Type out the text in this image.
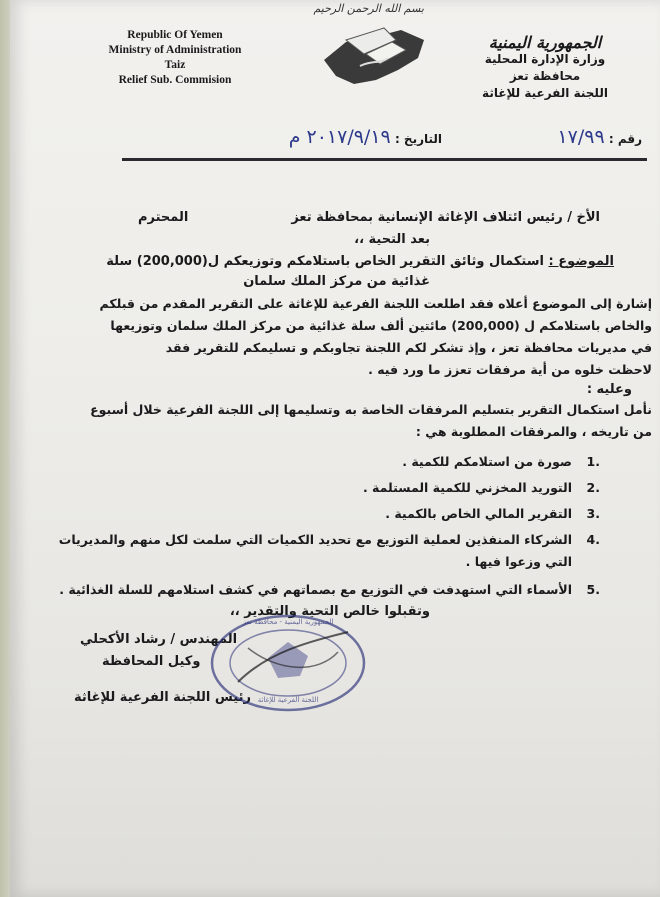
Republic Of Yemen
Ministry of Administration
Taiz
Relief Sub. Commision
بسم الله الرحمن الرحيم
الجمهورية اليمنية
وزارة الإدارة المحلية
محافظة تعز
اللجنة الفرعية للإغاثة
رقم : ١٧/٩٩
التاريخ : ٢٠١٧/٩/١٩ م
الأخ / رئيس ائتلاف الإغاثة الإنسانية بمحافظة تعز
المحترم
بعد التحية ،،
الموضوع : استكمال وثائق التقرير الخاص باستلامكم وتوزيعكم ل(200,000) سلة
غذائية من مركز الملك سلمان
إشارة إلى الموضوع أعلاه فقد اطلعت اللجنة الفرعية للإغاثة على التقرير المقدم من قبلكم
والخاص باستلامكم ل (200,000) مائتين ألف سلة غذائية من مركز الملك سلمان وتوزيعها
في مديريات محافظة تعز ، وإذ تشكر لكم اللجنة تجاوبكم و تسليمكم للتقرير فقد
لاحظت خلوه من أية مرفقات تعزز ما ورد فيه .
وعليه :
نأمل استكمال التقرير بتسليم المرفقات الخاصة به وتسليمها إلى اللجنة الفرعية خلال أسبوع
من تاريخه ، والمرفقات المطلوبة هي :
1.
صورة من استلامكم للكمية .
2.
التوريد المخزني للكمية المستلمة .
3.
التقرير المالي الخاص بالكمية .
4.
الشركاء المنفذين لعملية التوزيع مع تحديد الكميات التي سلمت لكل منهم والمديريات
التي وزعوا فيها .
5.
الأسماء التي استهدفت في التوزيع مع بصماتهم في كشف استلامهم للسلة الغذائية .
وتقبلوا خالص التحية والتقدير ،،
المهندس / رشاد الأكحلي
وكيل المحافظة
رئيس اللجنة الفرعية للإغاثة
الجمهورية اليمنية - محافظة تعز
اللجنة الفرعية للإغاثة
